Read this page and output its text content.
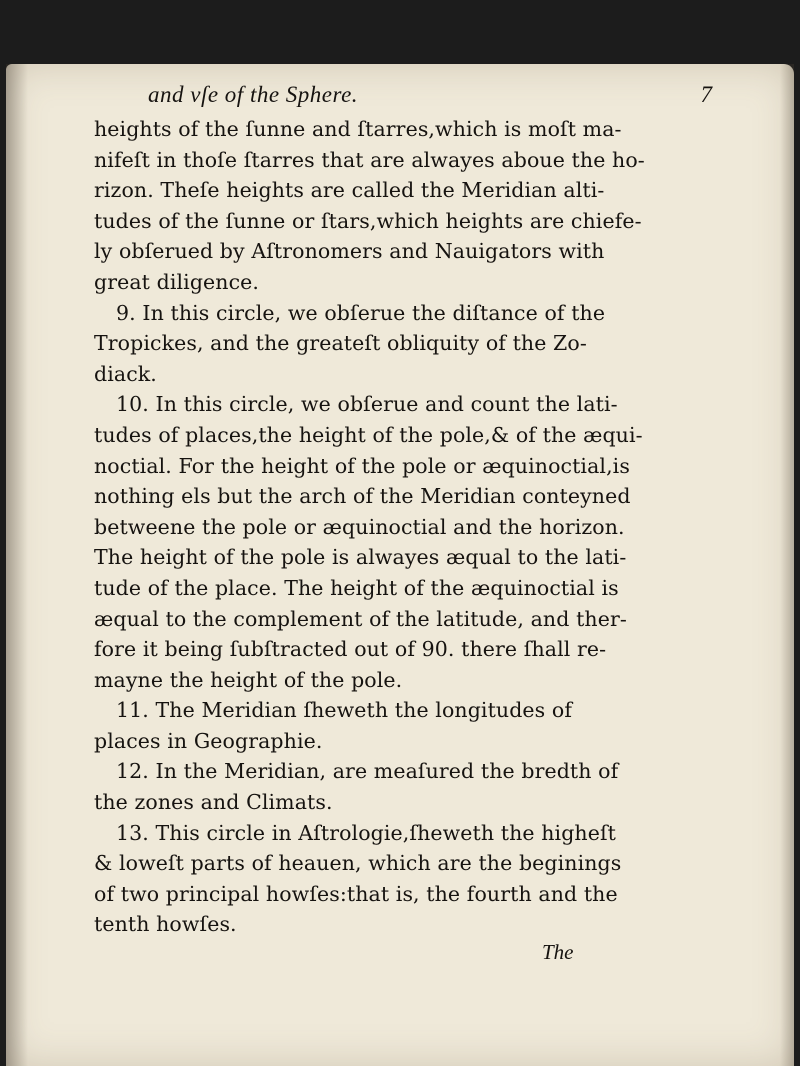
and vſe of the Sphere.	7
heights of the ſunne and ſtarres,which is moſt ma-
nifeſt in thoſe ſtarres that are alwayes aboue the ho-
rizon. Theſe heights are called the Meridian alti-
tudes of the ſunne or ſtars,which heights are chiefe-
ly obſerued by Aſtronomers and Nauigators with
great diligence.
9. In this circle, we obſerue the diſtance of the
Tropickes, and the greateſt obliquity of the Zo-
diack.
10. In this circle, we obſerue and count the lati-
tudes of places,the height of the pole,& of the æqui-
noctial. For the height of the pole or æquinoctial,is
nothing els but the arch of the Meridian conteyned
betweene the pole or æquinoctial and the horizon.
The height of the pole is alwayes æqual to the lati-
tude of the place. The height of the æquinoctial is
æqual to the complement of the latitude, and ther-
fore it being ſubſtracted out of 90. there ſhall re-
mayne the height of the pole.
11. The Meridian ſheweth the longitudes of
places in Geographie.
12. In the Meridian, are meaſured the bredth of
the zones and Climats.
13. This circle in Aſtrologie,ſheweth the higheſt
& loweſt parts of heauen, which are the beginings
of two principal howſes:that is, the fourth and the
tenth howſes.
The
